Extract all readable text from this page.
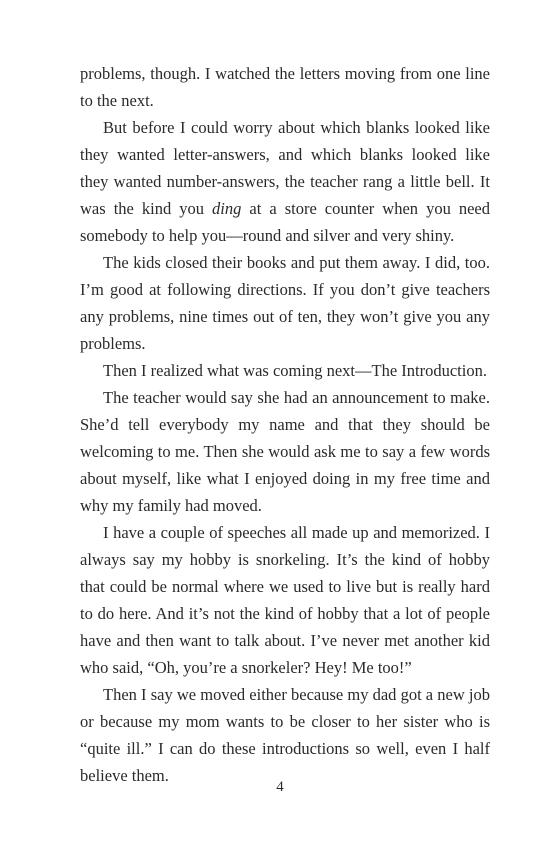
problems, though. I watched the letters moving from one line to the next.

But before I could worry about which blanks looked like they wanted letter-answers, and which blanks looked like they wanted number-answers, the teacher rang a little bell. It was the kind you ding at a store counter when you need somebody to help you—round and silver and very shiny.

The kids closed their books and put them away. I did, too. I’m good at following directions. If you don’t give teachers any problems, nine times out of ten, they won’t give you any problems.

Then I realized what was coming next—The Introduction.

The teacher would say she had an announcement to make. She’d tell everybody my name and that they should be welcoming to me. Then she would ask me to say a few words about myself, like what I enjoyed doing in my free time and why my family had moved.

I have a couple of speeches all made up and memorized. I always say my hobby is snorkeling. It’s the kind of hobby that could be normal where we used to live but is really hard to do here. And it’s not the kind of hobby that a lot of people have and then want to talk about. I’ve never met another kid who said, “Oh, you’re a snorkeler? Hey! Me too!”

Then I say we moved either because my dad got a new job or because my mom wants to be closer to her sister who is “quite ill.” I can do these introductions so well, even I half believe them.

4
